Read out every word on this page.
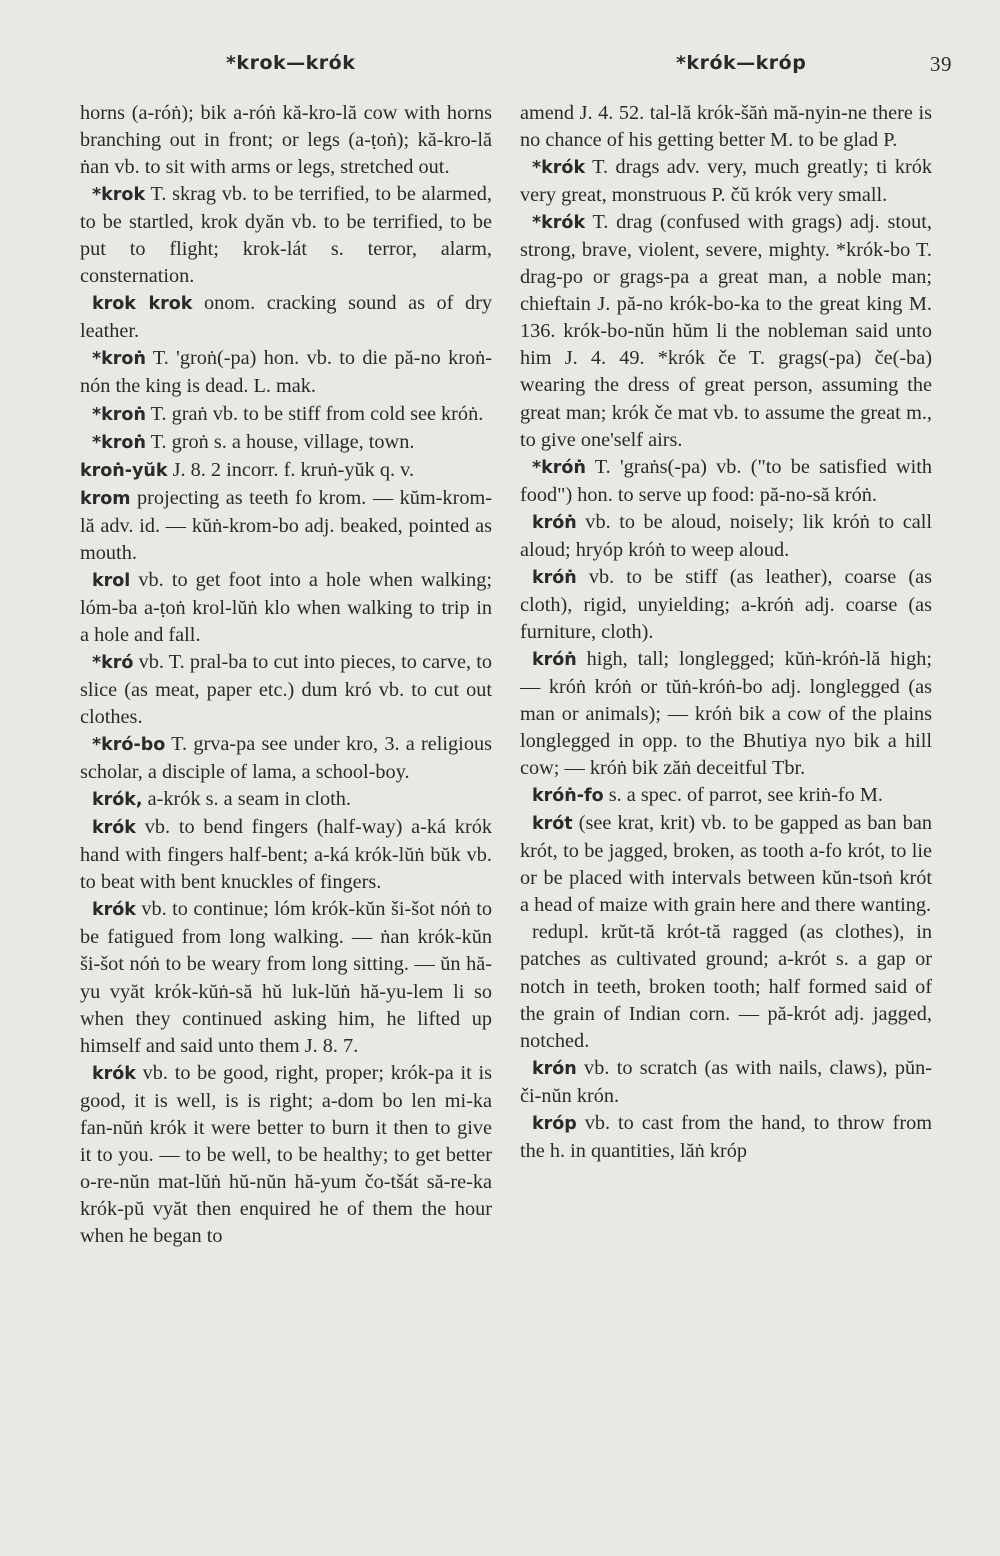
*krok—krók	*krók—króp	39

horns (a-róṅ); bik a-róṅ kă-kro-lă cow with horns branching out in front; or legs (a-ṭoṅ); kă-kro-lă ṅan vb. to sit with arms or legs, stretched out.

*krok T. skrag vb. to be terrified, to be alarmed, to be startled, krok dyăn vb. to be terrified, to be put to flight; krok-lát s. terror, alarm, consternation.

krok krok onom. cracking sound as of dry leather.

*kroṅ T. 'groṅ(-pa) hon. vb. to die pă-no kroṅ-nón the king is dead. L. mak.

*kroṅ T. graṅ vb. to be stiff from cold see króṅ.

*kroṅ T. groṅ s. a house, village, town.

kroṅ-yŭk J. 8. 2 incorr. f. kruṅ-yŭk q. v.

krom projecting as teeth fo krom. — kŭm-krom-lă adv. id. — kŭṅ-krom-bo adj. beaked, pointed as mouth.

krol vb. to get foot into a hole when walking; lóm-ba a-ṭoṅ krol-lŭṅ klo when walking to trip in a hole and fall.

*kró vb. T. pral-ba to cut into pieces, to carve, to slice (as meat, paper etc.) dum kró vb. to cut out clothes.

*kró-bo T. grva-pa see under kro, 3. a religious scholar, a disciple of lama, a school-boy.

krók, a-krók s. a seam in cloth.

krók vb. to bend fingers (half-way) a-ká krók hand with fingers half-bent; a-ká krók-lŭṅ bŭk vb. to beat with bent knuckles of fingers.

krók vb. to continue; lóm krók-kŭn ši-šot nóṅ to be fatigued from long walking. — ṅan krók-kŭn ši-šot nóṅ to be weary from long sitting. — ŭn hă-yu vyăt krók-kŭṅ-să hŭ luk-lŭṅ hă-yu-lem li so when they continued asking him, he lifted up himself and said unto them J. 8. 7.

krók vb. to be good, right, proper; krók-pa it is good, it is well, is is right; a-dom bo len mi-ka fan-nŭṅ krók it were better to burn it then to give it to you. — to be well, to be healthy; to get better o-re-nŭn mat-lŭṅ hŭ-nŭn hă-yum čo-tšát să-re-ka krók-pŭ vyăt then enquired he of them the hour when he began to

amend J. 4. 52. tal-lă krók-šăṅ mă-nyin-ne there is no chance of his getting better M. to be glad P.

*krók T. drags adv. very, much greatly; ti krók very great, monstruous P. čŭ krók very small.

*krók T. drag (confused with grags) adj. stout, strong, brave, violent, severe, mighty. *krók-bo T. drag-po or grags-pa a great man, a noble man; chieftain J. pă-no krók-bo-ka to the great king M. 136. krók-bo-nŭn hŭm li the nobleman said unto him J. 4. 49. *krók če T. grags(-pa) če(-ba) wearing the dress of great person, assuming the great man; krók če mat vb. to assume the great m., to give one'self airs.

*króṅ T. 'graṅs(-pa) vb. ("to be satisfied with food") hon. to serve up food: pă-no-să króṅ.

króṅ vb. to be aloud, noisely; lik króṅ to call aloud; hryóp króṅ to weep aloud.

króṅ vb. to be stiff (as leather), coarse (as cloth), rigid, unyielding; a-króṅ adj. coarse (as furniture, cloth).

króṅ high, tall; longlegged; kŭṅ-króṅ-lă high; — króṅ króṅ or tŭṅ-króṅ-bo adj. longlegged (as man or animals); — króṅ bik a cow of the plains longlegged in opp. to the Bhutiya nyo bik a hill cow; — króṅ bik zăṅ deceitful Tbr.

króṅ-fo s. a spec. of parrot, see kriṅ-fo M.

krót (see krat, krit) vb. to be gapped as ban ban krót, to be jagged, broken, as tooth a-fo krót, to lie or be placed with intervals between kŭn-tsoṅ krót a head of maize with grain here and there wanting.

redupl. krŭt-tă krót-tă ragged (as clothes), in patches as cultivated ground; a-krót s. a gap or notch in teeth, broken tooth; half formed said of the grain of Indian corn. — pă-krót adj. jagged, notched.

krón vb. to scratch (as with nails, claws), pŭn-či-nŭn krón.

króp vb. to cast from the hand, to throw from the h. in quantities, lăṅ króp
